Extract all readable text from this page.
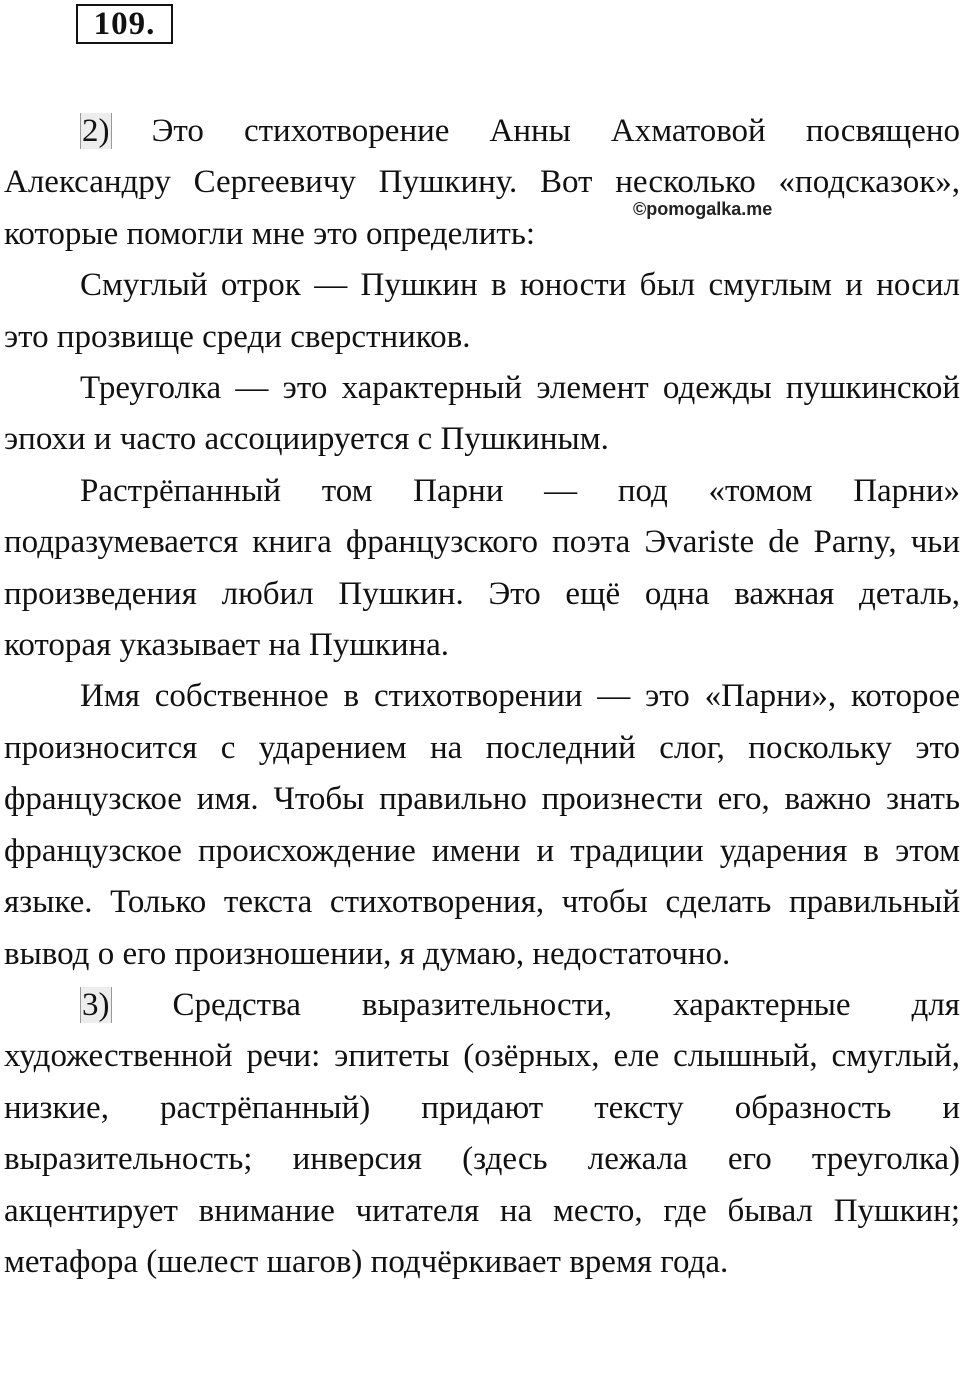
109.
©pomogalka.me

2) Это стихотворение Анны Ахматовой посвящено Александру Сергеевичу Пушкину. Вот несколько «подсказок», которые помогли мне это определить:

Смуглый отрок — Пушкин в юности был смуглым и носил это прозвище среди сверстников.

Треуголка — это характерный элемент одежды пушкинской эпохи и часто ассоциируется с Пушкиным.

Растрёпанный том Парни — под «томом Парни» подразумевается книга французского поэта Эvariste de Parny, чьи произведения любил Пушкин. Это ещё одна важная деталь, которая указывает на Пушкина.

Имя собственное в стихотворении — это «Парни», которое произносится с ударением на последний слог, поскольку это французское имя. Чтобы правильно произнести его, важно знать французское происхождение имени и традиции ударения в этом языке. Только текста стихотворения, чтобы сделать правильный вывод о его произношении, я думаю, недостаточно.

3) Средства выразительности, характерные для художественной речи: эпитеты (озёрных, еле слышный, смуглый, низкие, растрёпанный) придают тексту образность и выразительность; инверсия (здесь лежала его треуголка) акцентирует внимание читателя на место, где бывал Пушкин; метафора (шелест шагов) подчёркивает время года.
